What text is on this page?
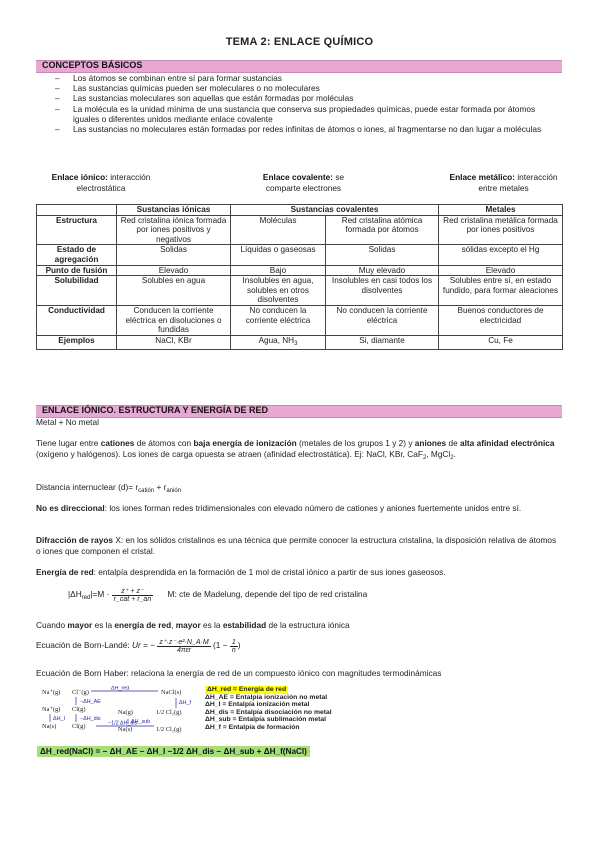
TEMA 2: ENLACE QUÍMICO
CONCEPTOS BÁSICOS
– Los átomos se combinan entre sí para formar sustancias
– Las sustancias químicas pueden ser moleculares o no moleculares
– Las sustancias moleculares son aquellas que están formadas por moléculas
– La molécula es la unidad mínima de una sustancia que conserva sus propiedades químicas, puede estar formada por átomos iguales o diferentes unidos mediante enlace covalente
– Las sustancias no moleculares están formadas por redes infinitas de átomos o iones, al fragmentarse no dan lugar a moléculas
Enlace iónico: interacción electrostática
Enlace covalente: se comparte electrones
Enlace metálico: interacción entre metales
	Sustancias iónicas	Sustancias covalentes		Metales
Estructura	Red cristalina iónica formada por iones positivos y negativos	Moléculas	Red cristalina atómica formada por átomos	Red cristalina metálica formada por iones positivos
Estado de agregación	Solidas	Líquidas o gaseosas	Solidas	sólidas excepto el Hg
Punto de fusión	Elevado	Bajo	Muy elevado	Elevado
Solubilidad	Solubles en agua	Insolubles en agua, solubles en otros disolventes	Insolubles en casi todos los disolventes	Solubles entre sí, en estado fundido, para formar aleaciones
Conductividad	Conducen la corriente eléctrica en disoluciones o fundidas	No conducen la corriente eléctrica	No conducen la corriente eléctrica	Buenos conductores de electricidad
Ejemplos	NaCl, KBr	Agua, $NH_3$	Si, diamante	Cu, Fe
ENLACE IÓNICO. ESTRUCTURA Y ENERGÍA DE RED
Metal + No metal
Tiene lugar entre cationes de átomos con baja energía de ionización (metales de los grupos 1 y 2) y aniones de alta afinidad electrónica (oxígeno y halógenos). Los iones de carga opuesta se atraen (afinidad electrostática). Ej: NaCl, KBr, CaF$_2$, MgCl$_2$.
Distancia internuclear $(d)= r_{catión} + r_{anión}$
No es direccional: los iones forman redes tridimensionales con elevado número de cationes y aniones fuertemente unidos entre sí.
Difracción de rayos X: en los sólidos cristalinos es una técnica que permite conocer la estructura cristalina, la disposición relativa de átomos o iones que componen el cristal.
Energía de red: entalpía desprendida en la formación de 1 mol de cristal iónico a partir de sus iones gaseosos.
$|\Delta H_{red}|=M \cdot \frac{z^+ + z^-}{\text{r\_cat + r\_an}} M$: cte de Madelung, depende del tipo de red cristalina
Cuando mayor es la energía de red, mayor es la estabilidad de la estructura iónica
Ecuación de Born-Landé: Ur = − $\frac{\text{z⁺·z⁻·e²·N\_A·M}}{\text{4πεr}} (1 - \frac{1}{n}$ )
Ecuación de Born Haber: relaciona la energía de red de un compuesto iónico con magnitudes termodinámicas
Na⁺(g) Cl⁻(g)	NaCl(s)
Na⁺(g) Cl(g)	Na(g)	1/2 Cl₂(g)
Na(s) Cl(g)	Na(s)	1/2 Cl₂(g)
ΔH_red
−ΔH_AE
ΔH_I
ΔH_f
−ΔH_dis
−1/2 ΔH_dis
ΔH_sub
ΔH_red = Energía de red
ΔH_AE = Entalpía ionización no metal
ΔH_I = Entalpía ionización metal
ΔH_dis = Entalpía disociación no metal
ΔH_sub = Entalpía sublimación metal
ΔH_f = Entalpía de formación
ΔH_red(NaCl) = − ΔH_AE − ΔH_I −1/2 ΔH_dis − ΔH_sub + ΔH_f(NaCl)
